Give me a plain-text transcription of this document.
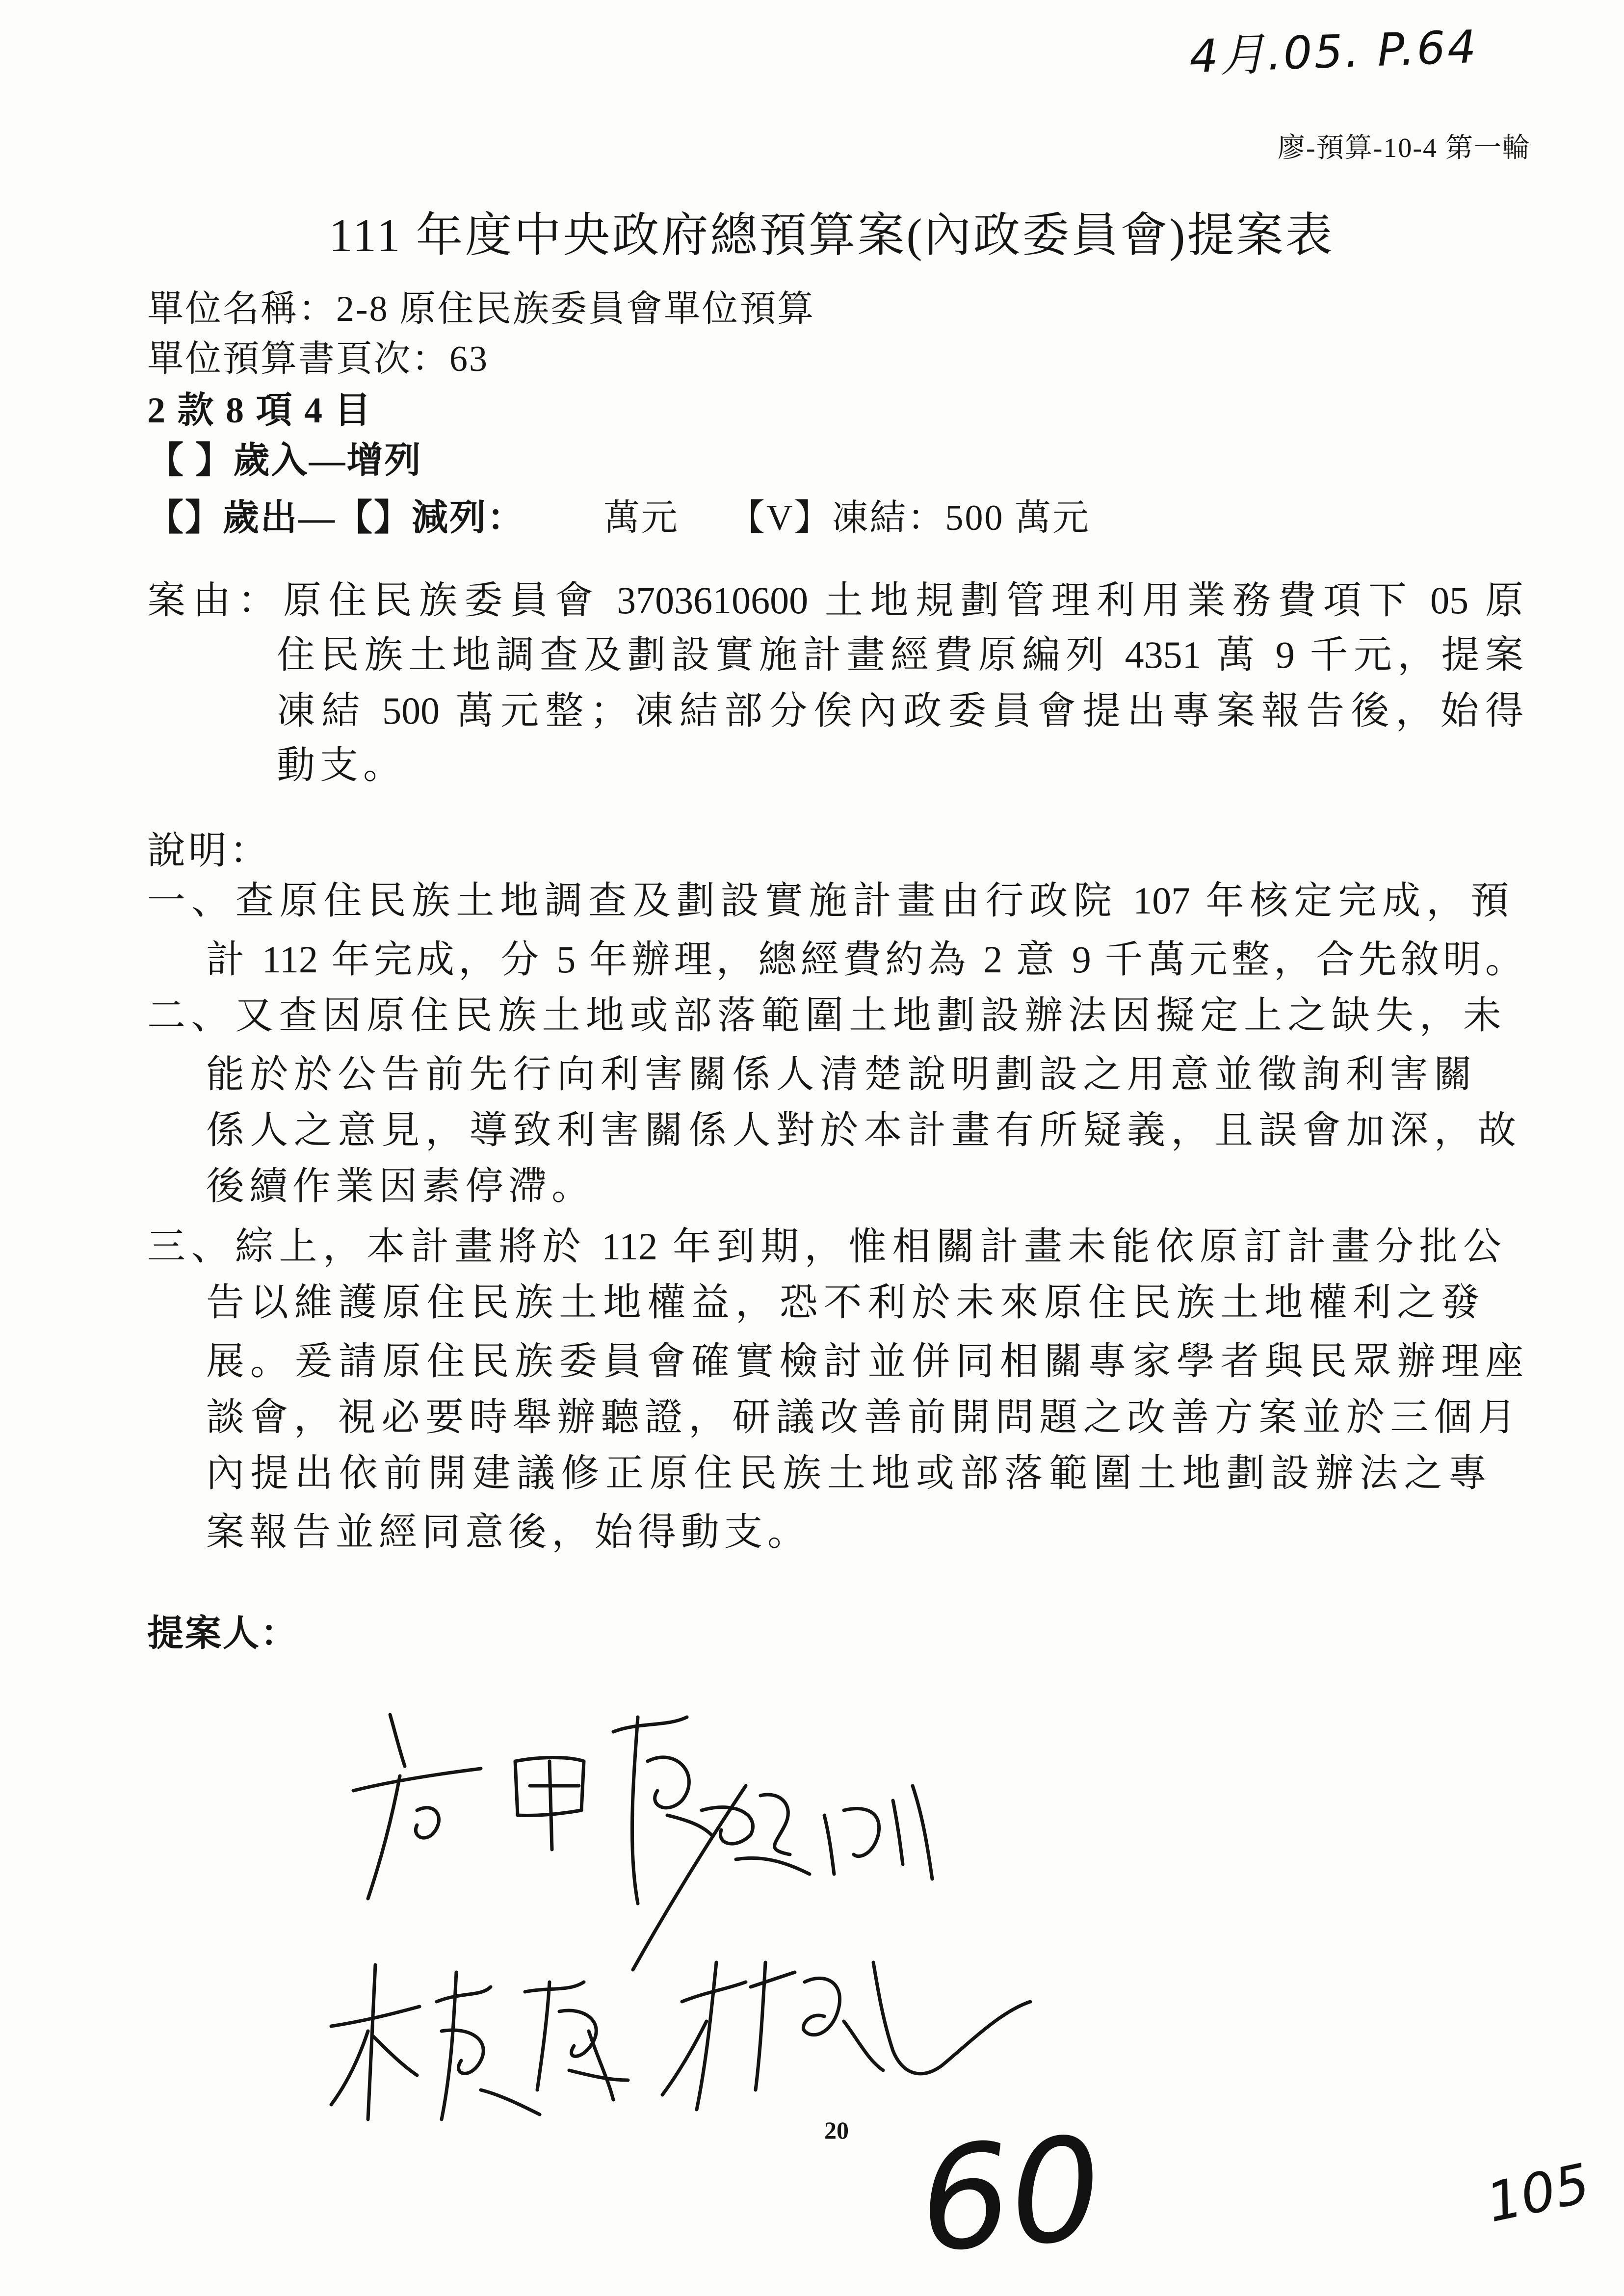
4月.05. P.64
廖-預算-10-4 第一輪
111 年度中央政府總預算案(內政委員會)提案表
單位名稱：2-8 原住民族委員會單位預算
單位預算書頁次：63
2 款 8 項 4 目
【 】歲入—增列
【】歲出—【】減列： 萬元 【V】凍結：500 萬元
案由：原住民族委員會 3703610600 土地規劃管理利用業務費項下 05 原
住民族土地調查及劃設實施計畫經費原編列 4351 萬 9 千元，提案
凍結 500 萬元整；凍結部分俟內政委員會提出專案報告後，始得
動支。
說明：
一、查原住民族土地調查及劃設實施計畫由行政院 107 年核定完成，預
計 112 年完成，分 5 年辦理，總經費約為 2 意 9 千萬元整，合先敘明。
二、又查因原住民族土地或部落範圍土地劃設辦法因擬定上之缺失，未
能於於公告前先行向利害關係人清楚說明劃設之用意並徵詢利害關
係人之意見，導致利害關係人對於本計畫有所疑義，且誤會加深，故
後續作業因素停滯。
三、綜上，本計畫將於 112 年到期，惟相關計畫未能依原訂計畫分批公
告以維護原住民族土地權益，恐不利於未來原住民族土地權利之發
展。爰請原住民族委員會確實檢討並併同相關專家學者與民眾辦理座
談會，視必要時舉辦聽證，研議改善前開問題之改善方案並於三個月
內提出依前開建議修正原住民族土地或部落範圍土地劃設辦法之專
案報告並經同意後，始得動支。
提案人：
20 60	105
